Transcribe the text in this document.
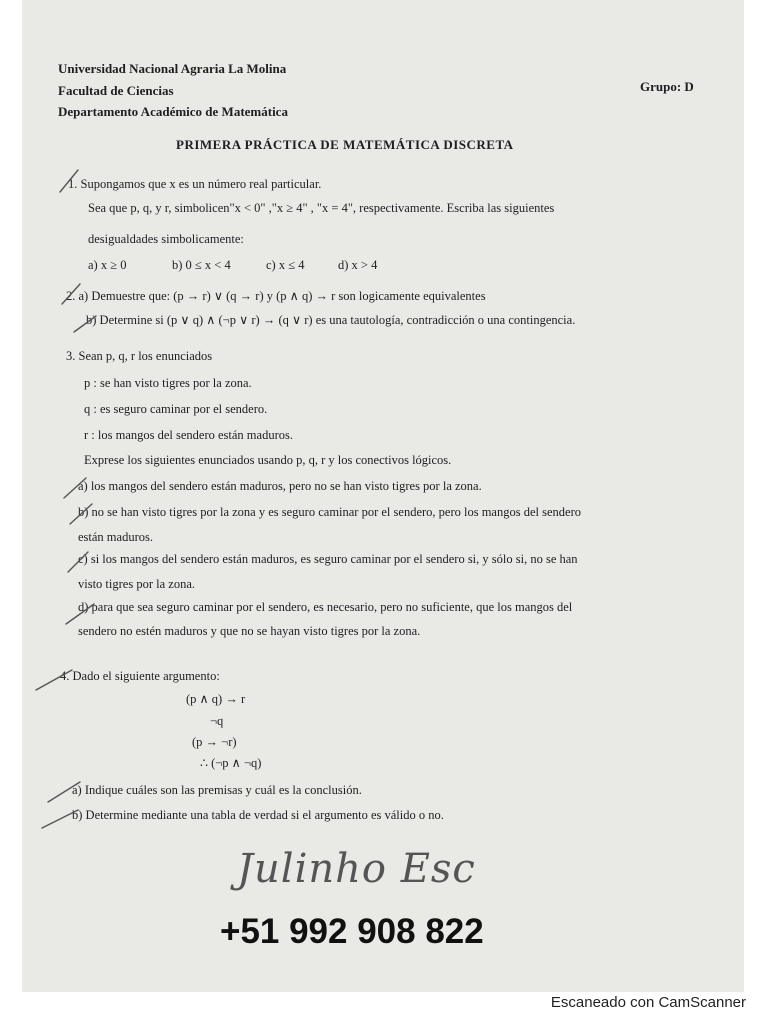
Universidad Nacional Agraria La Molina
Facultad de Ciencias
Departamento Académico de Matemática
Grupo: D
PRIMERA PRÁCTICA DE MATEMÁTICA DISCRETA
1. Supongamos que x es un número real particular.
Sea que p, q, y r, simbolicen"x < 0" ,"x ≥ 4" , "x = 4", respectivamente. Escriba las siguientes
desigualdades simbolicamente:
a) x ≥ 0	b) 0 ≤ x < 4	c) x ≤ 4	d) x > 4
2. a) Demuestre que: (p → r) ∨ (q → r) y (p ∧ q) → r son logicamente equivalentes
b) Determine si (p ∨ q) ∧ (¬p ∨ r) → (q ∨ r) es una tautología, contradicción o una contingencia.
3. Sean p, q, r los enunciados
p : se han visto tigres por la zona.
q : es seguro caminar por el sendero.
r : los mangos del sendero están maduros.
Exprese los siguientes enunciados usando p, q, r y los conectivos lógicos.
a) los mangos del sendero están maduros, pero no se han visto tigres por la zona.
b) no se han visto tigres por la zona y es seguro caminar por el sendero, pero los mangos del sendero
están maduros.
c) si los mangos del sendero están maduros, es seguro caminar por el sendero si, y sólo si, no se han
visto tigres por la zona.
d) para que sea seguro caminar por el sendero, es necesario, pero no suficiente, que los mangos del
sendero no estén maduros y que no se hayan visto tigres por la zona.
4. Dado el siguiente argumento:
(p ∧ q) → r
¬q
(p → ¬r)
∴ (¬p ∧ ¬q)
a) Indique cuáles son las premisas y cuál es la conclusión.
b) Determine mediante una tabla de verdad si el argumento es válido o no.
Julinho Esc
+51 992 908 822
Escaneado con CamScanner
